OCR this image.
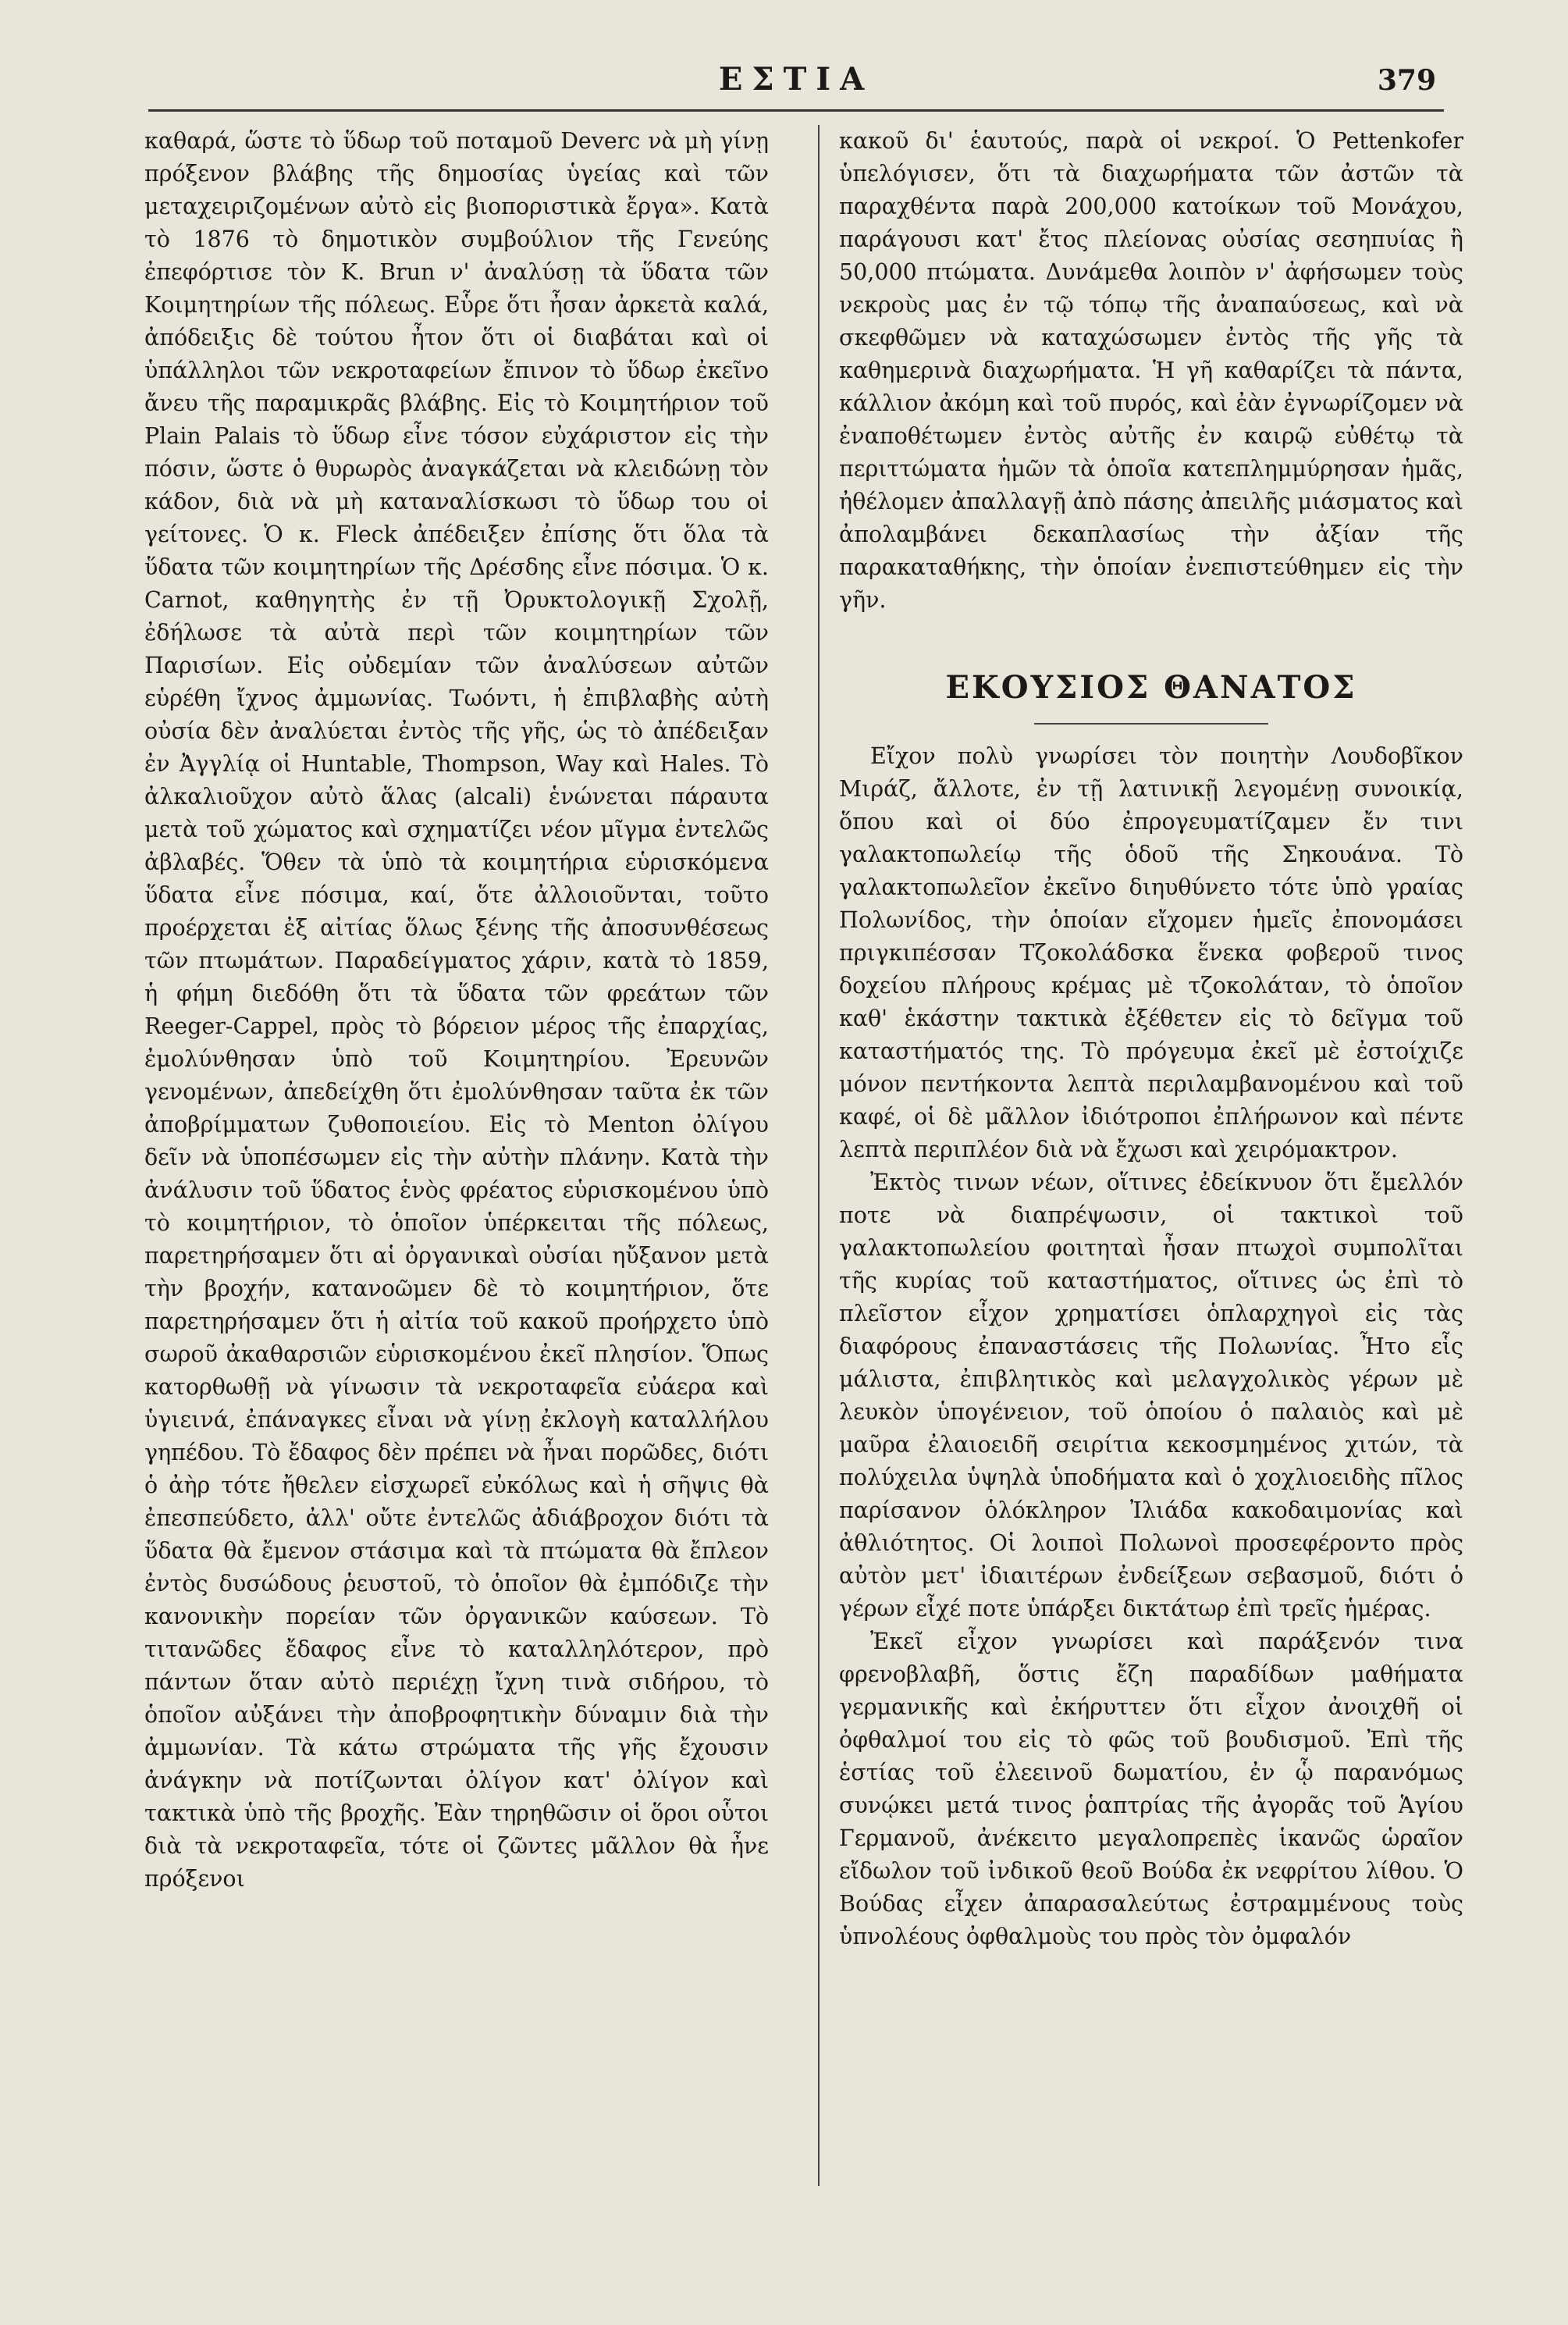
ΕΣΤΙΑ	379

καθαρά, ὥστε τὸ ὕδωρ τοῦ ποταμοῦ Deverc νὰ μὴ γίνῃ πρόξενον βλάβης τῆς δημοσίας ὑγείας καὶ τῶν μεταχειριζομένων αὐτὸ εἰς βιοποριστικὰ ἔργα». Κατὰ τὸ 1876 τὸ δημοτικὸν συμβούλιον τῆς Γενεύης ἐπεφόρτισε τὸν Κ. Brun ν' ἀναλύσῃ τὰ ὕδατα τῶν Κοιμητηρίων τῆς πόλεως. Εὗρε ὅτι ἦσαν ἀρκετὰ καλά, ἀπόδειξις δὲ τούτου ἦτον ὅτι οἱ διαβάται καὶ οἱ ὑπάλληλοι τῶν νεκροταφείων ἔπινον τὸ ὕδωρ ἐκεῖνο ἄνευ τῆς παραμικρᾶς βλάβης. Εἰς τὸ Κοιμητήριον τοῦ Plain Palais τὸ ὕδωρ εἶνε τόσον εὐχάριστον εἰς τὴν πόσιν, ὥστε ὁ θυρωρὸς ἀναγκάζεται νὰ κλειδώνῃ τὸν κάδον, διὰ νὰ μὴ καταναλίσκωσι τὸ ὕδωρ του οἱ γείτονες. Ὁ κ. Fleck ἀπέδειξεν ἐπίσης ὅτι ὅλα τὰ ὕδατα τῶν κοιμητηρίων τῆς Δρέσδης εἶνε πόσιμα. Ὁ κ. Carnot, καθηγητὴς ἐν τῇ Ὀρυκτολογικῇ Σχολῇ, ἐδήλωσε τὰ αὐτὰ περὶ τῶν κοιμητηρίων τῶν Παρισίων. Εἰς οὐδεμίαν τῶν ἀναλύσεων αὐτῶν εὑρέθη ἴχνος ἀμμωνίας. Τωόντι, ἡ ἐπιβλαβὴς αὐτὴ οὐσία δὲν ἀναλύεται ἐντὸς τῆς γῆς, ὡς τὸ ἀπέδειξαν ἐν Ἀγγλίᾳ οἱ Huntable, Thompson, Way καὶ Hales. Τὸ ἀλκαλιοῦχον αὐτὸ ἅλας (alcali) ἑνώνεται πάραυτα μετὰ τοῦ χώματος καὶ σχηματίζει νέον μῖγμα ἐντελῶς ἀβλαβές. Ὅθεν τὰ ὑπὸ τὰ κοιμητήρια εὑρισκόμενα ὕδατα εἶνε πόσιμα, καί, ὅτε ἀλλοιοῦνται, τοῦτο προέρχεται ἐξ αἰτίας ὅλως ξένης τῆς ἀποσυνθέσεως τῶν πτωμάτων. Παραδείγματος χάριν, κατὰ τὸ 1859, ἡ φήμη διεδόθη ὅτι τὰ ὕδατα τῶν φρεάτων τῶν Reeger-Cappel, πρὸς τὸ βόρειον μέρος τῆς ἐπαρχίας, ἐμολύνθησαν ὑπὸ τοῦ Κοιμητηρίου. Ἐρευνῶν γενομένων, ἀπεδείχθη ὅτι ἐμολύνθησαν ταῦτα ἐκ τῶν ἀποβρίμματων ζυθοποιείου. Εἰς τὸ Menton ὀλίγου δεῖν νὰ ὑποπέσωμεν εἰς τὴν αὐτὴν πλάνην. Κατὰ τὴν ἀνάλυσιν τοῦ ὕδατος ἑνὸς φρέατος εὑρισκομένου ὑπὸ τὸ κοιμητήριον, τὸ ὁποῖον ὑπέρκειται τῆς πόλεως, παρετηρήσαμεν ὅτι αἱ ὀργανικαὶ οὐσίαι ηὔξανον μετὰ τὴν βροχήν, κατανοῶμεν δὲ τὸ κοιμητήριον, ὅτε παρετηρήσαμεν ὅτι ἡ αἰτία τοῦ κακοῦ προήρχετο ὑπὸ σωροῦ ἀκαθαρσιῶν εὑρισκομένου ἐκεῖ πλησίον. Ὅπως κατορθωθῇ νὰ γίνωσιν τὰ νεκροταφεῖα εὐάερα καὶ ὑγιεινά, ἐπάναγκες εἶναι νὰ γίνῃ ἐκλογὴ καταλλήλου γηπέδου. Τὸ ἔδαφος δὲν πρέπει νὰ ἦναι πορῶδες, διότι ὁ ἀὴρ τότε ἤθελεν εἰσχωρεῖ εὐκόλως καὶ ἡ σῆψις θὰ ἐπεσπεύδετο, ἀλλ' οὔτε ἐντελῶς ἀδιάβροχον διότι τὰ ὕδατα θὰ ἔμενον στάσιμα καὶ τὰ πτώματα θὰ ἔπλεον ἐντὸς δυσώδους ῥευστοῦ, τὸ ὁποῖον θὰ ἐμπόδιζε τὴν κανονικὴν πορείαν τῶν ὀργανικῶν καύσεων. Τὸ τιτανῶδες ἔδαφος εἶνε τὸ καταλληλότερον, πρὸ πάντων ὅταν αὐτὸ περιέχῃ ἴχνη τινὰ σιδήρου, τὸ ὁποῖον αὐξάνει τὴν ἀποβροφητικὴν δύναμιν διὰ τὴν ἀμμωνίαν. Τὰ κάτω στρώματα τῆς γῆς ἔχουσιν ἀνάγκην νὰ ποτίζωνται ὀλίγον κατ' ὀλίγον καὶ τακτικὰ ὑπὸ τῆς βροχῆς. Ἐὰν τηρηθῶσιν οἱ ὅροι οὗτοι διὰ τὰ νεκροταφεῖα, τότε οἱ ζῶντες μᾶλλον θὰ ἦνε πρόξενοι

κακοῦ δι' ἑαυτούς, παρὰ οἱ νεκροί. Ὁ Pettenkofer ὑπελόγισεν, ὅτι τὰ διαχωρήματα τῶν ἀστῶν τὰ παραχθέντα παρὰ 200,000 κατοίκων τοῦ Μονάχου, παράγουσι κατ' ἔτος πλείονας οὐσίας σεσηπυίας ἢ 50,000 πτώματα. Δυνάμεθα λοιπὸν ν' ἀφήσωμεν τοὺς νεκροὺς μας ἐν τῷ τόπῳ τῆς ἀναπαύσεως, καὶ νὰ σκεφθῶμεν νὰ καταχώσωμεν ἐντὸς τῆς γῆς τὰ καθημερινὰ διαχωρήματα. Ἡ γῆ καθαρίζει τὰ πάντα, κάλλιον ἀκόμη καὶ τοῦ πυρός, καὶ ἐὰν ἐγνωρίζομεν νὰ ἐναποθέτωμεν ἐντὸς αὐτῆς ἐν καιρῷ εὐθέτῳ τὰ περιττώματα ἡμῶν τὰ ὁποῖα κατεπλημμύρησαν ἡμᾶς, ἠθέλομεν ἀπαλλαγῇ ἀπὸ πάσης ἀπειλῆς μιάσματος καὶ ἀπολαμβάνει δεκαπλασίως τὴν ἀξίαν τῆς παρακαταθήκης, τὴν ὁποίαν ἐνεπιστεύθημεν εἰς τὴν γῆν.

ΕΚΟΥΣΙΟΣ ΘΑΝΑΤΟΣ

Εἴχον πολὺ γνωρίσει τὸν ποιητὴν Λουδοβῖκον Μιράζ, ἄλλοτε, ἐν τῇ λατινικῇ λεγομένῃ συνοικίᾳ, ὅπου καὶ οἱ δύο ἐπρογευματίζαμεν ἔν τινι γαλακτοπωλείῳ τῆς ὁδοῦ τῆς Σηκουάνα. Τὸ γαλακτοπωλεῖον ἐκεῖνο διηυθύνετο τότε ὑπὸ γραίας Πολωνίδος, τὴν ὁποίαν εἴχομεν ἡμεῖς ἐπονομάσει πριγκιπέσσαν Τζοκολάδσκα ἕνεκα φοβεροῦ τινος δοχείου πλήρους κρέμας μὲ τζοκολάταν, τὸ ὁποῖον καθ' ἑκάστην τακτικὰ ἐξέθετεν εἰς τὸ δεῖγμα τοῦ καταστήματός της. Τὸ πρόγευμα ἐκεῖ μὲ ἐστοίχιζε μόνον πεντήκοντα λεπτὰ περιλαμβανομένου καὶ τοῦ καφέ, οἱ δὲ μᾶλλον ἰδιότροποι ἐπλήρωνον καὶ πέντε λεπτὰ περιπλέον διὰ νὰ ἔχωσι καὶ χειρόμακτρον.

Ἐκτὸς τινων νέων, οἵτινες ἐδείκνυον ὅτι ἔμελλόν ποτε νὰ διαπρέψωσιν, οἱ τακτικοὶ τοῦ γαλακτοπωλείου φοιτηταὶ ἦσαν πτωχοὶ συμπολῖται τῆς κυρίας τοῦ καταστήματος, οἵτινες ὡς ἐπὶ τὸ πλεῖστον εἶχον χρηματίσει ὁπλαρχηγοὶ εἰς τὰς διαφόρους ἐπαναστάσεις τῆς Πολωνίας. Ἦτο εἷς μάλιστα, ἐπιβλητικὸς καὶ μελαγχολικὸς γέρων μὲ λευκὸν ὑπογένειον, τοῦ ὁποίου ὁ παλαιὸς καὶ μὲ μαῦρα ἐλαιοειδῆ σειρίτια κεκοσμημένος χιτών, τὰ πολύχειλα ὑψηλὰ ὑποδήματα καὶ ὁ χοχλιοειδὴς πῖλος παρίσανον ὁλόκληρον Ἰλιάδα κακοδαιμονίας καὶ ἀθλιότητος. Οἱ λοιποὶ Πολωνοὶ προσεφέροντο πρὸς αὐτὸν μετ' ἰδιαιτέρων ἐνδείξεων σεβασμοῦ, διότι ὁ γέρων εἶχέ ποτε ὑπάρξει δικτάτωρ ἐπὶ τρεῖς ἡμέρας.

Ἐκεῖ εἶχον γνωρίσει καὶ παράξενόν τινα φρενοβλαβῆ, ὅστις ἔζη παραδίδων μαθήματα γερμανικῆς καὶ ἐκήρυττεν ὅτι εἶχον ἀνοιχθῆ οἱ ὀφθαλμοί του εἰς τὸ φῶς τοῦ βουδισμοῦ. Ἐπὶ τῆς ἑστίας τοῦ ἐλεεινοῦ δωματίου, ἐν ᾧ παρανόμως συνῴκει μετά τινος ῥαπτρίας τῆς ἀγορᾶς τοῦ Ἁγίου Γερμανοῦ, ἀνέκειτο μεγαλοπρεπὲς ἱκανῶς ὡραῖον εἴδωλον τοῦ ἰνδικοῦ θεοῦ Βούδα ἐκ νεφρίτου λίθου. Ὁ Βούδας εἶχεν ἀπαρασαλεύτως ἐστραμμένους τοὺς ὑπνολέους ὀφθαλμοὺς του πρὸς τὸν ὀμφαλόν
